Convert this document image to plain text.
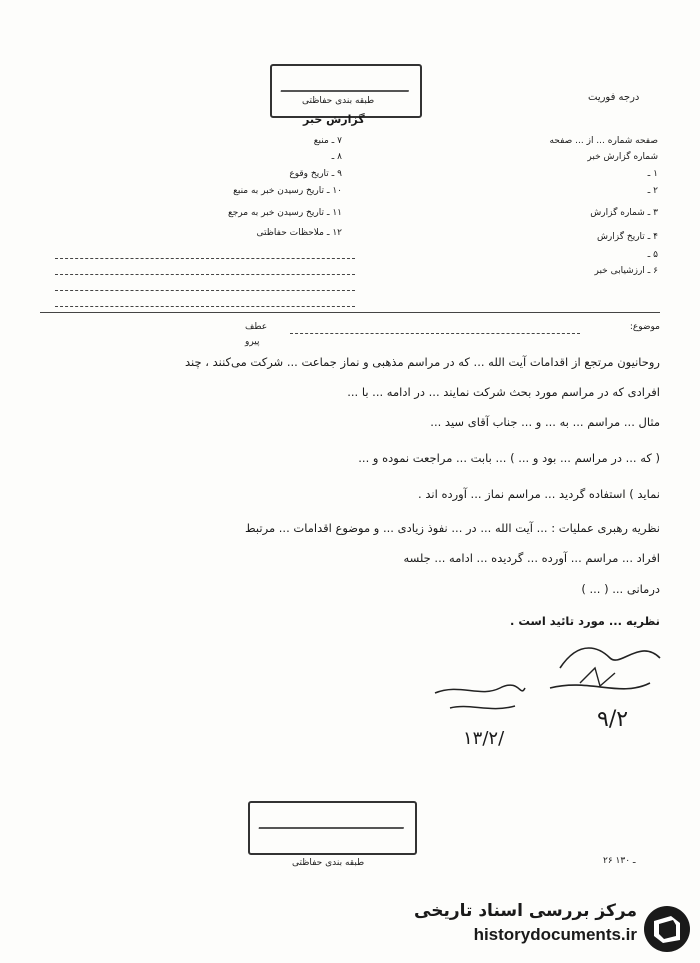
طبقه بندی حفاظتی	درجه فوریت
گزارش خبر
صفحه شماره ... از ... صفحه
شماره گزارش خبر
۱ ـ
۲ ـ
۳ ـ شماره گزارش
۴ ـ تاریخ گزارش
۵ ـ
۶ ـ ارزشیابی خبر
۷ ـ منبع
۸ ـ
۹ ـ تاریخ وقوع
۱۰ ـ تاریخ رسیدن خبر به منبع
۱۱ ـ تاریخ رسیدن خبر به مرجع
۱۲ ـ ملاحظات حفاظتی
موضوع:
عطف
پیرو
روحانیون مرتجع از اقدامات آیت الله ... که در مراسم مذهبی و نماز جماعت ... شرکت می‌کنند ، چند
افرادی که در مراسم مورد بحث شرکت نمایند ... در ادامه ... با ...
مثال ... مراسم ... به ... و ... جناب آقای سید ...
( که ... در مراسم ... بود و ... ) ... بابت ... مراجعت نموده و ...
نماید ) استفاده گردید ... مراسم نماز ... آورده اند .
نظریه رهبری عملیات : ... آیت الله ... در ... نفوذ زیادی ... و موضوع اقدامات ... مرتبط
افراد ... مراسم ... آورده ... گردیده ... ادامه ... جلسه
درمانی ... ( ... )
نظریه ... مورد تائید است .
۱۳/۲/
۹/۲
طبقه بندی حفاظتی	۲۶ ـ ۱۳۰
مرکز بررسی اسناد تاریخی
historydocuments.ir
